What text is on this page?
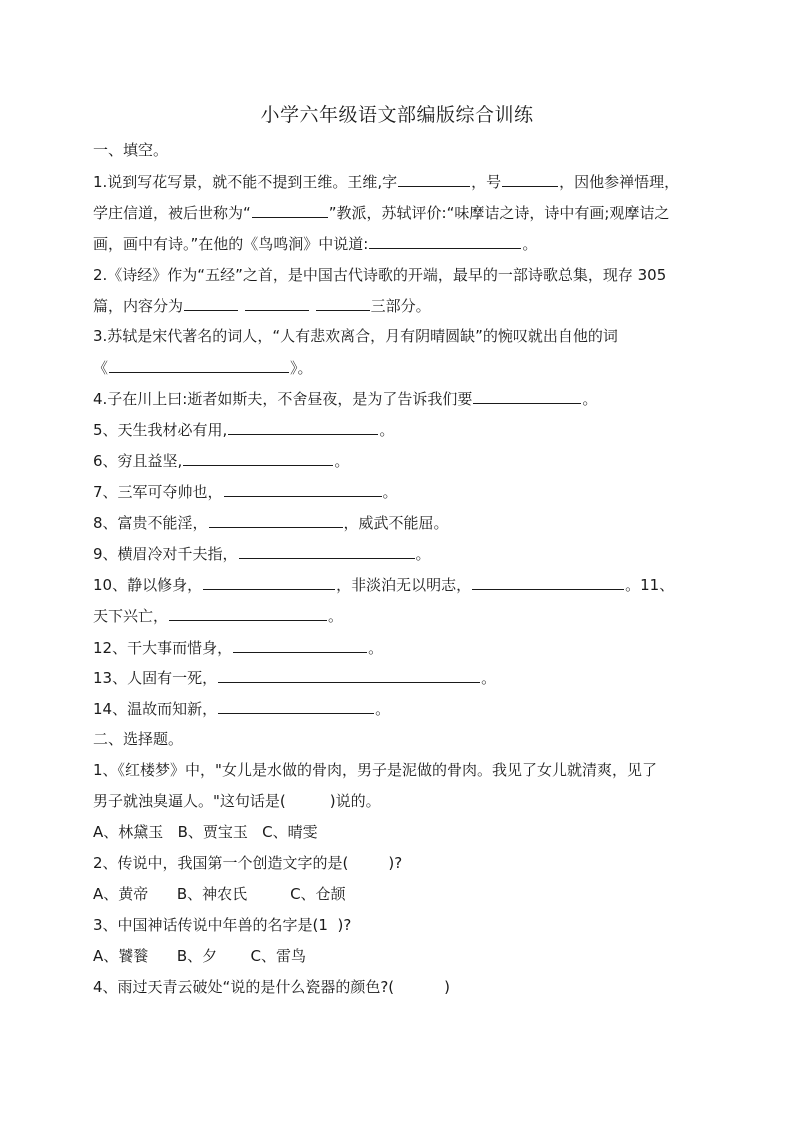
小学六年级语文部编版综合训练
一、填空。
1.说到写花写景，就不能不提到王维。王维,字	，号	，因他参禅悟理，
学庄信道，被后世称为“	”教派，苏轼评价:“味摩诘之诗，诗中有画;观摩诘之
画，画中有诗。”在他的《鸟鸣涧》中说道:	。
2.《诗经》作为“五经”之首，是中国古代诗歌的开端，最早的一部诗歌总集，现存 305
篇，内容分为	三部分。
3.苏轼是宋代著名的词人，“人有悲欢离合，月有阴晴圆缺”的惋叹就出自他的词
《	》。
4.子在川上曰:逝者如斯夫，不舍昼夜，是为了告诉我们要	。
5、天生我材必有用,	。
6、穷且益坚,	。
7、三军可夺帅也，	。
8、富贵不能淫，	，威武不能屈。
9、横眉冷对千夫指，	。
10、静以修身，	，非淡泊无以明志，	。11、
天下兴亡，	。
12、干大事而惜身，	。
13、人固有一死，	。
14、温故而知新，	。
二、选择题。
1、《红楼梦》中，"女儿是水做的骨肉，男子是泥做的骨肉。我见了女儿就清爽，见了
男子就浊臭逼人。"这句话是(	)说的。
A、林黛玉   B、贾宝玉   C、晴雯
2、传说中，我国第一个创造文字的是(	)?
A、黄帝      B、神农氏         C、仓颉
3、中国神话传说中年兽的名字是(1  )?
A、饕餮      B、夕       C、雷鸟
4、雨过天青云破处“说的是什么瓷器的颜色?(	)
